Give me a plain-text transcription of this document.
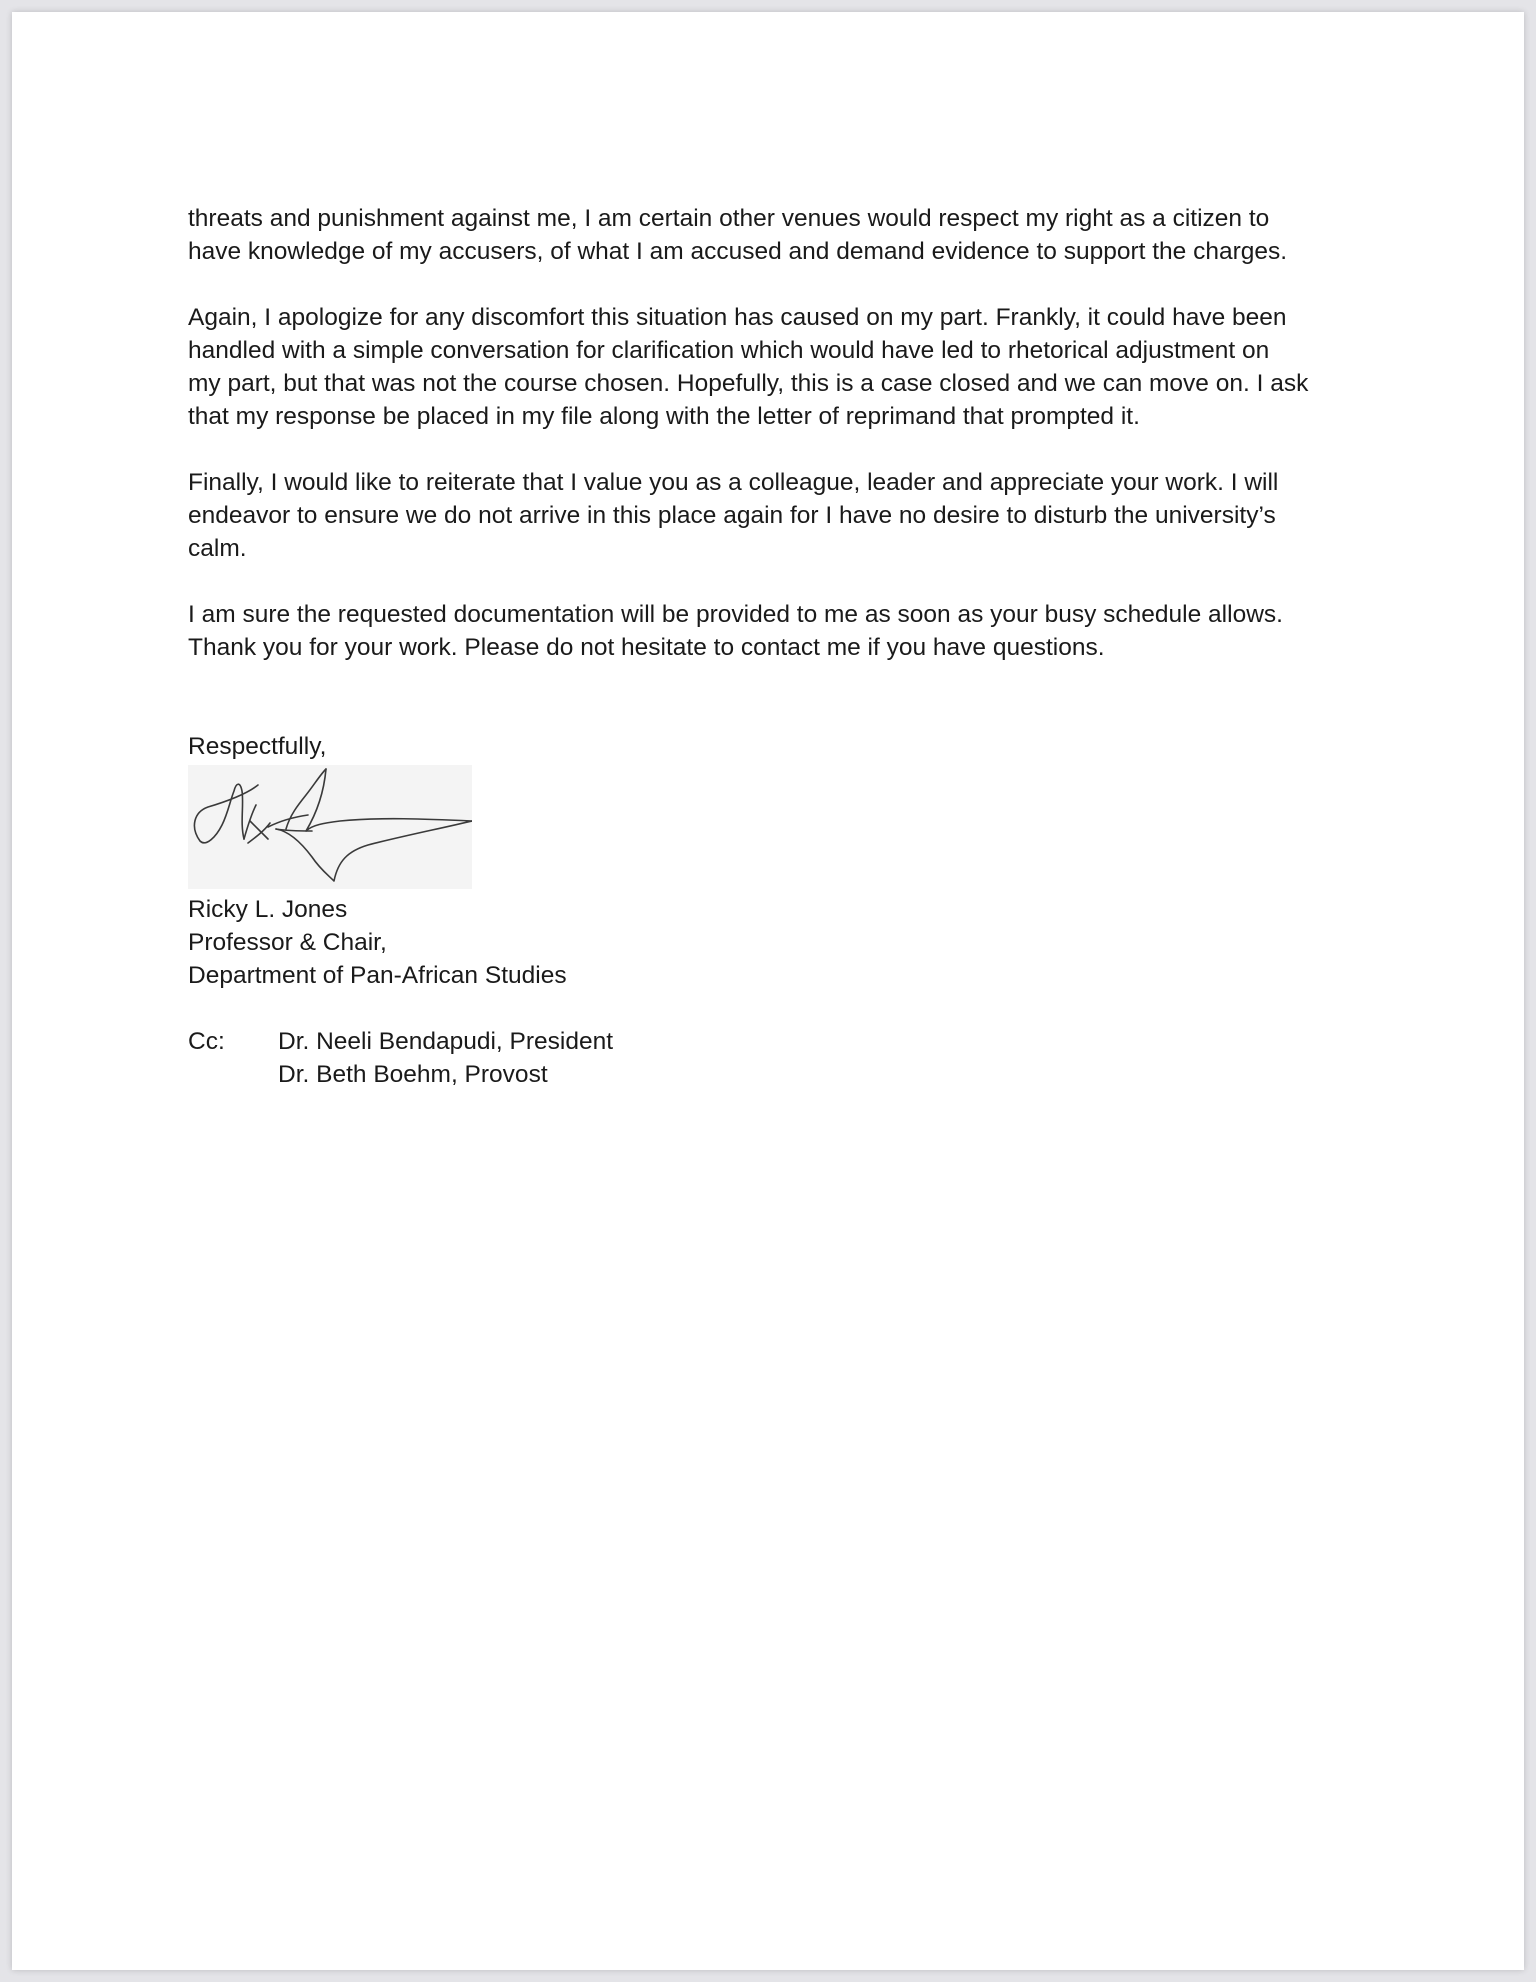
threats and punishment against me, I am certain other venues would respect my right as a citizen to
have knowledge of my accusers, of what I am accused and demand evidence to support the charges.
Again, I apologize for any discomfort this situation has caused on my part. Frankly, it could have been
handled with a simple conversation for clarification which would have led to rhetorical adjustment on
my part, but that was not the course chosen. Hopefully, this is a case closed and we can move on. I ask
that my response be placed in my file along with the letter of reprimand that prompted it.
Finally, I would like to reiterate that I value you as a colleague, leader and appreciate your work. I will
endeavor to ensure we do not arrive in this place again for I have no desire to disturb the university’s
calm.
I am sure the requested documentation will be provided to me as soon as your busy schedule allows.
Thank you for your work. Please do not hesitate to contact me if you have questions.
Respectfully,
Ricky L. Jones
Professor & Chair,
Department of Pan-African Studies
Cc:	Dr. Neeli Bendapudi, President
Dr. Beth Boehm, Provost
